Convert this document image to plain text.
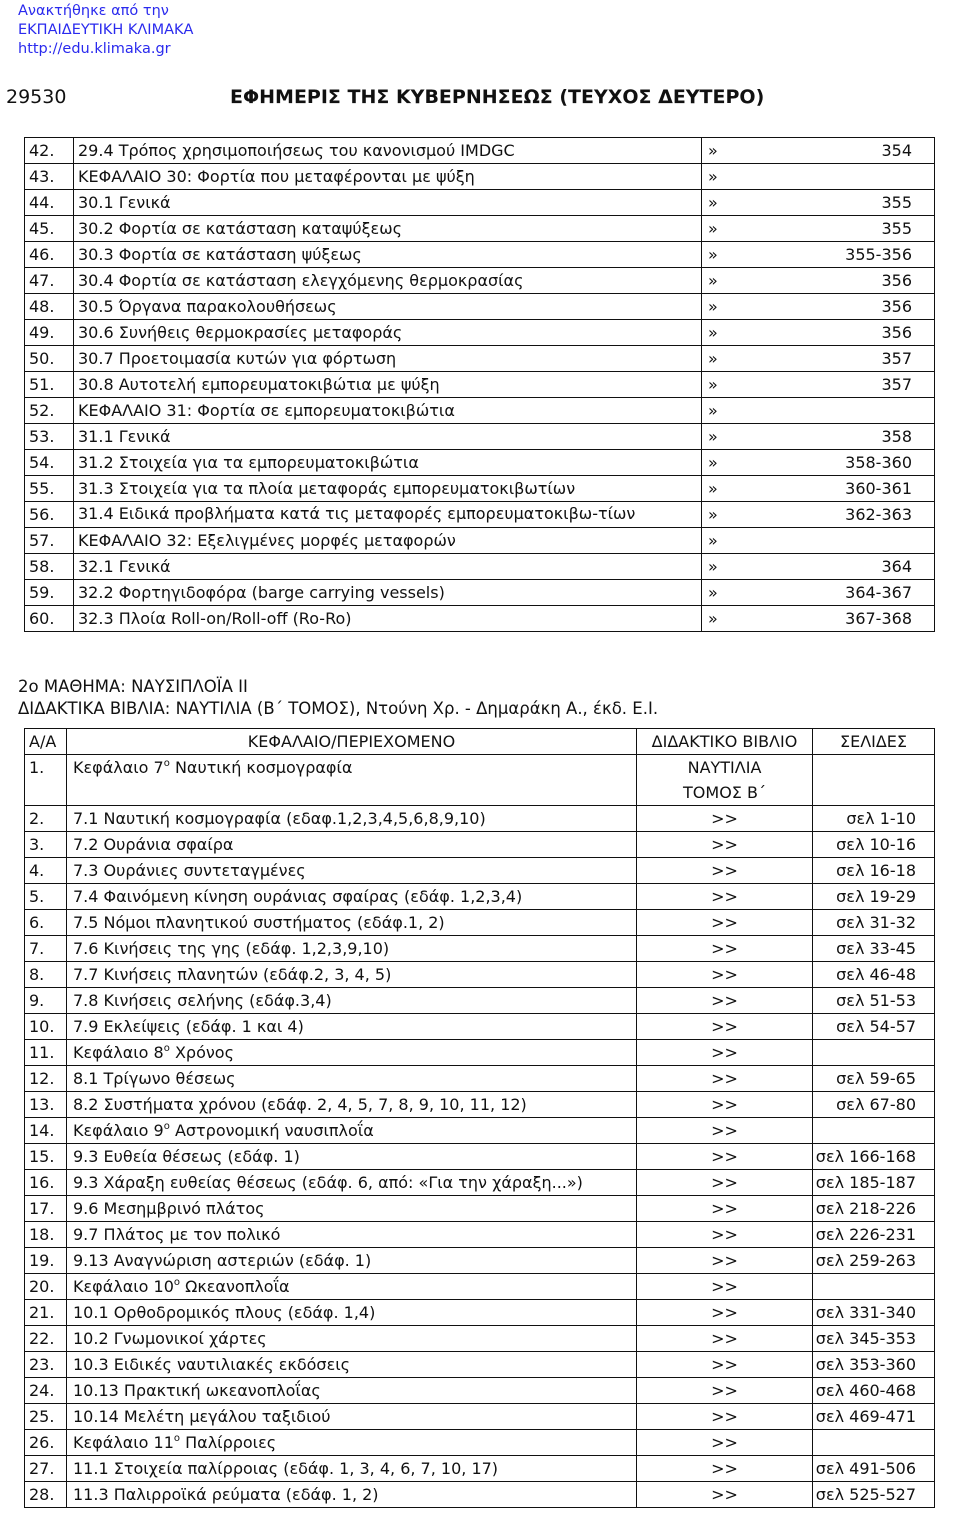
Ανακτήθηκε από την
ΕΚΠΑΙΔΕΥΤΙΚΗ ΚΛΙΜΑΚΑ
http://edu.klimaka.gr
29530	ΕΦΗΜΕΡΙΣ ΤΗΣ ΚΥΒΕΡΝΗΣΕΩΣ (ΤΕΥΧΟΣ ΔΕΥΤΕΡΟ)
42.	29.4 Τρόπος χρησιμοποιήσεως του κανονισμού IMDGC	»	354
43.	ΚΕΦΑΛΑΙΟ 30: Φορτία που μεταφέρονται με ψύξη	»	
44.	30.1 Γενικά	»	355
45.	30.2 Φορτία σε κατάσταση καταψύξεως	»	355
46.	30.3 Φορτία σε κατάσταση ψύξεως	»	355-356
47.	30.4 Φορτία σε κατάσταση ελεγχόμενης θερμοκρασίας	»	356
48.	30.5 Όργανα παρακολουθήσεως	»	356
49.	30.6 Συνήθεις θερμοκρασίες μεταφοράς	»	356
50.	30.7 Προετοιμασία κυτών για φόρτωση	»	357
51.	30.8 Αυτοτελή εμπορευματοκιβώτια με ψύξη	»	357
52.	ΚΕΦΑΛΑΙΟ 31: Φορτία σε εμπορευματοκιβώτια	»	
53.	31.1 Γενικά	»	358
54.	31.2 Στοιχεία για τα εμπορευματοκιβώτια	»	358-360
55.	31.3 Στοιχεία για τα πλοία μεταφοράς εμπορευματοκιβωτίων	»	360-361
56.	31.4 Ειδικά προβλήματα κατά τις μεταφορές εμπορευματοκιβω-τίων	»	362-363
57.	ΚΕΦΑΛΑΙΟ 32: Εξελιγμένες μορφές μεταφορών	»	
58.	32.1 Γενικά	»	364
59.	32.2 Φορτηγιδοφόρα (barge carrying vessels)	»	364-367
60.	32.3 Πλοία Roll-on/Roll-off (Ro-Ro)	»	367-368
2ο ΜΑΘΗΜΑ: ΝΑΥΣΙΠΛΟΪΑ ΙΙ
ΔΙΔΑΚΤΙΚΑ ΒΙΒΛΙΑ: ΝΑΥΤΙΛΙΑ (Β΄ ΤΟΜΟΣ), Ντούνη Χρ. - Δημαράκη Α., έκδ. Ε.Ι.
Α/Α	ΚΕΦΑΛΑΙΟ/ΠΕΡΙΕΧΟΜΕΝΟ	ΔΙΔΑΚΤΙΚΟ ΒΙΒΛΙΟ	ΣΕΛΙΔΕΣ
1.	Κεφάλαιο $7^o$ Ναυτική κοσμογραφία	ΝΑΥΤΙΛΙΑ
ΤΟΜΟΣ Β΄	

2.	7.1 Ναυτική κοσμογραφία (εδαφ.1,2,3,4,5,6,8,9,10)	>>	σελ 1-10
3.	7.2 Ουράνια σφαίρα	>>	σελ 10-16
4.	7.3 Ουράνιες συντεταγμένες	>>	σελ 16-18
5.	7.4 Φαινόμενη κίνηση ουράνιας σφαίρας (εδάφ. 1,2,3,4)	>>	σελ 19-29
6.	7.5 Νόμοι πλανητικού συστήματος (εδάφ.1, 2)	>>	σελ 31-32
7.	7.6 Κινήσεις της γης (εδάφ. 1,2,3,9,10)	>>	σελ 33-45
8.	7.7 Κινήσεις πλανητών (εδάφ.2, 3, 4, 5)	>>	σελ 46-48
9.	7.8 Κινήσεις σελήνης (εδάφ.3,4)	>>	σελ 51-53
10.	7.9 Εκλείψεις (εδάφ. 1 και 4)	>>	σελ 54-57
11.	Κεφάλαιο $8^o$ Χρόνος	>>	
12.	8.1 Τρίγωνο θέσεως	>>	σελ 59-65
13.	8.2 Συστήματα χρόνου (εδάφ. 2, 4, 5, 7, 8, 9, 10, 11, 12)	>>	σελ 67-80
14.	Κεφάλαιο $9^o$ Αστρονομική ναυσιπλοΐα	>>	
15.	9.3 Ευθεία θέσεως (εδάφ. 1)	>>	σελ 166-168
16.	9.3 Χάραξη ευθείας θέσεως (εδάφ. 6, από: «Για την χάραξη...»)	>>	σελ 185-187
17.	9.6 Μεσημβρινό πλάτος	>>	σελ 218-226
18.	9.7 Πλάτος με τον πολικό	>>	σελ 226-231
19.	9.13 Αναγνώριση αστεριών (εδάφ. 1)	>>	σελ 259-263
20.	Κεφάλαιο $10^o$ Ωκεανοπλοΐα	>>	
21.	10.1 Ορθοδρομικός πλους (εδάφ. 1,4)	>>	σελ 331-340
22.	10.2 Γνωμονικοί χάρτες	>>	σελ 345-353
23.	10.3 Ειδικές ναυτιλιακές εκδόσεις	>>	σελ 353-360
24.	10.13 Πρακτική ωκεανοπλοΐας	>>	σελ 460-468
25.	10.14 Μελέτη μεγάλου ταξιδιού	>>	σελ 469-471
26.	Κεφάλαιο $11^o$ Παλίρροιες	>>	
27.	11.1 Στοιχεία παλίρροιας (εδάφ. 1, 3, 4, 6, 7, 10, 17)	>>	σελ 491-506
28.	11.3 Παλιρροϊκά ρεύματα (εδάφ. 1, 2)	>>	σελ 525-527
